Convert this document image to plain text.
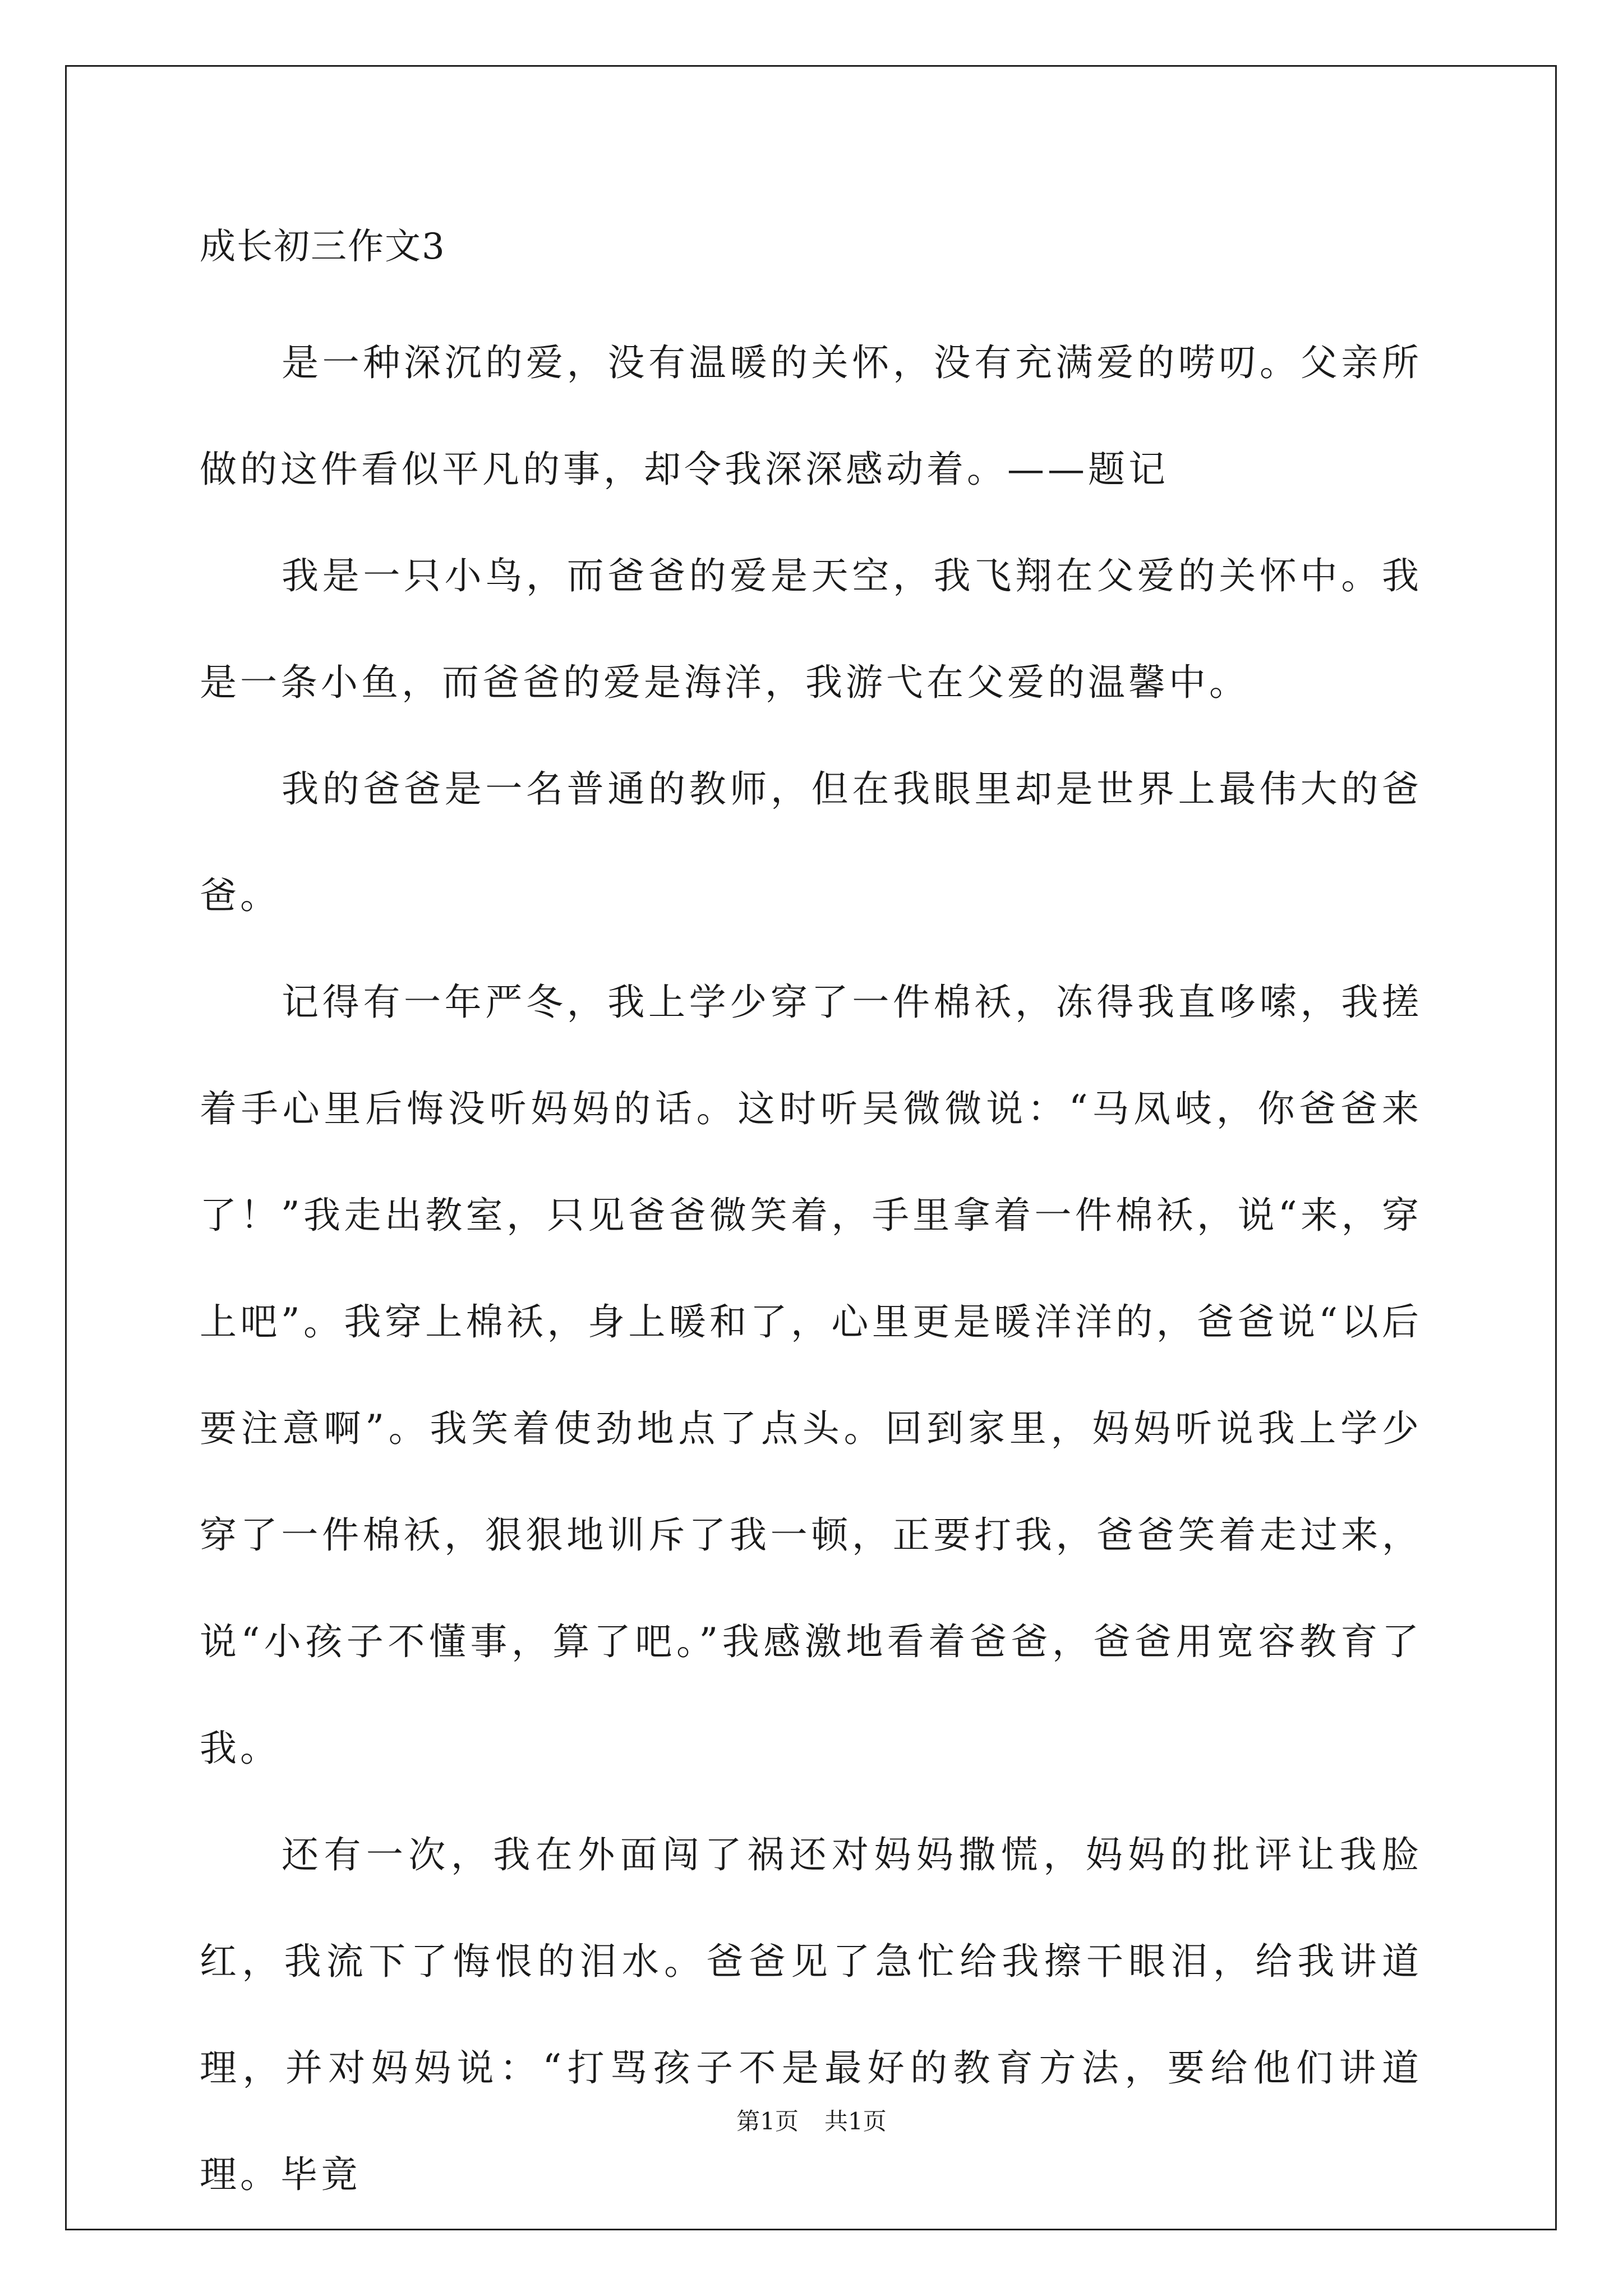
成长初三作文3

是一种深沉的爱，没有温暖的关怀，没有充满爱的唠叨。父亲所做的这件看似平凡的事，却令我深深感动着。——题记

我是一只小鸟，而爸爸的爱是天空，我飞翔在父爱的关怀中。我是一条小鱼，而爸爸的爱是海洋，我游弋在父爱的温馨中。

我的爸爸是一名普通的教师，但在我眼里却是世界上最伟大的爸爸。

记得有一年严冬，我上学少穿了一件棉袄，冻得我直哆嗦，我搓着手心里后悔没听妈妈的话。这时听吴微微说：“马凤岐，你爸爸来了！”我走出教室，只见爸爸微笑着，手里拿着一件棉袄，说“来，穿上吧”。我穿上棉袄，身上暖和了，心里更是暖洋洋的，爸爸说“以后要注意啊”。我笑着使劲地点了点头。回到家里，妈妈听说我上学少穿了一件棉袄，狠狠地训斥了我一顿，正要打我，爸爸笑着走过来，说“小孩子不懂事，算了吧。”我感激地看着爸爸，爸爸用宽容教育了我。

还有一次，我在外面闯了祸还对妈妈撒慌，妈妈的批评让我脸红，我流下了悔恨的泪水。爸爸见了急忙给我擦干眼泪，给我讲道理，并对妈妈说：“打骂孩子不是最好的教育方法，要给他们讲道理。毕竟

第1页 共1页
